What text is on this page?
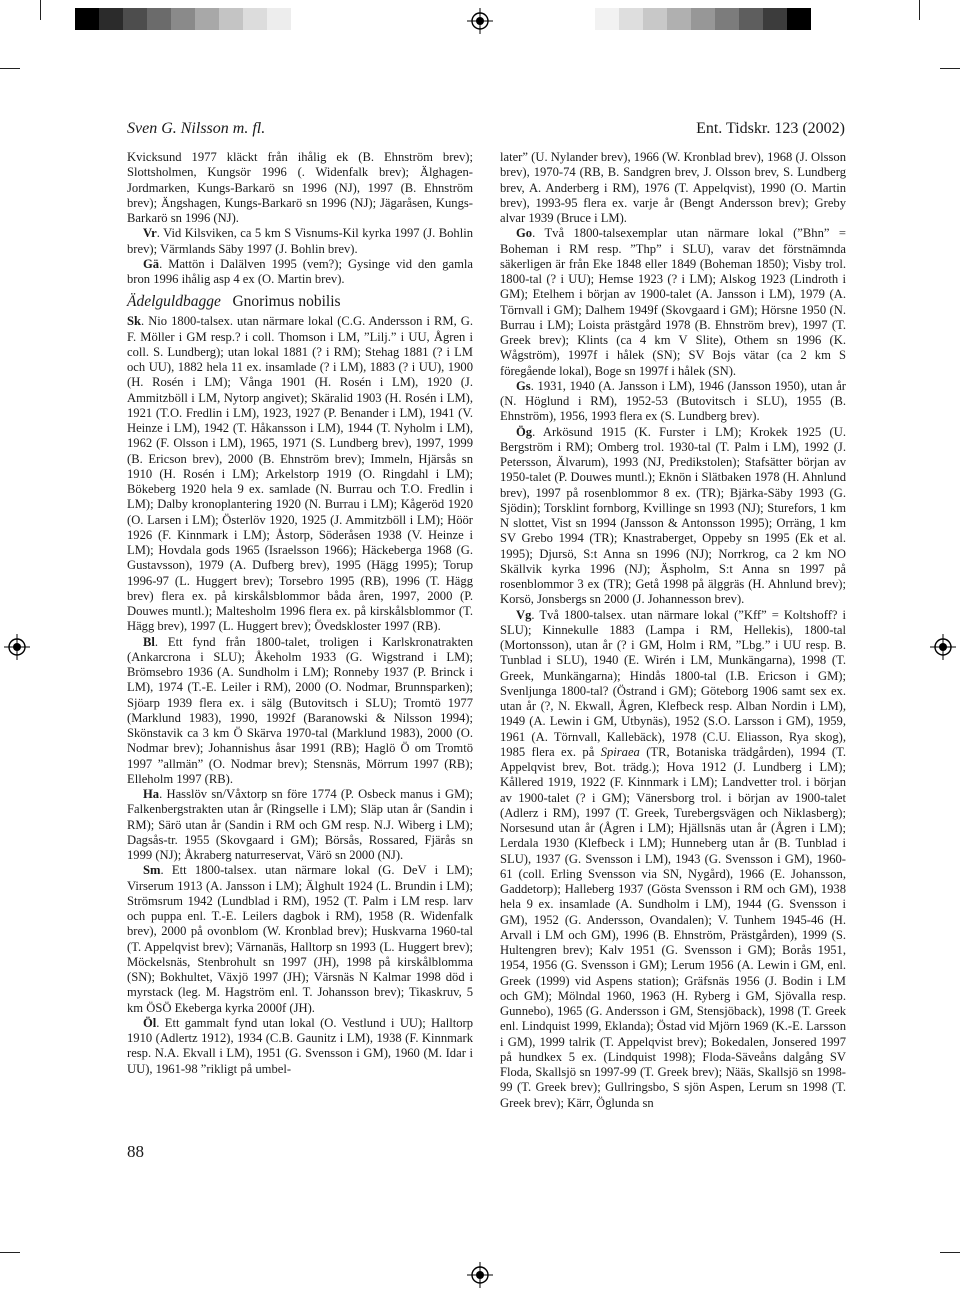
Sven G. Nilsson m. fl.	Ent. Tidskr. 123 (2002)

Kvicksund 1977 kläckt från ihålig ek (B. Ehnström brev); Slottsholmen, Kungsör 1996 (. Widenfalk brev); Älghagen-Jordmarken, Kungs-Barkarö sn 1996 (NJ), 1997 (B. Ehnström brev); Ängshagen, Kungs-Barkarö sn 1996 (NJ); Jägaråsen, Kungs-Barkarö sn 1996 (NJ).

Vr. Vid Kilsviken, ca 5 km S Visnums-Kil kyrka 1997 (J. Bohlin brev); Värmlands Säby 1997 (J. Bohlin brev).

Gä. Mattön i Dalälven 1995 (vem?); Gysinge vid den gamla bron 1996 ihålig asp 4 ex (O. Martin brev).

Ädelguldbagge Gnorimus nobilis

Sk. Nio 1800-talsex. utan närmare lokal (C.G. Andersson i RM, G. F. Möller i GM resp.? i coll. Thomson i LM, ”Lilj.” i UU, Ågren i coll. S. Lundberg); utan lokal 1881 (? i RM); Stehag 1881 (? i LM och UU), 1882 hela 11 ex. insamlade (? i LM), 1883 (? i UU), 1900 (H. Rosén i LM); Vånga 1901 (H. Rosén i LM), 1920 (J. Ammitzböll i LM, Nytorp angivet); Skäralid 1903 (H. Rosén i LM), 1921 (T.O. Fredlin i LM), 1923, 1927 (P. Benander i LM), 1941 (V. Heinze i LM), 1942 (T. Håkansson i LM), 1944 (T. Nyholm i LM), 1962 (F. Olsson i LM), 1965, 1971 (S. Lundberg brev), 1997, 1999 (B. Ericson brev), 2000 (B. Ehnström brev); Immeln, Hjärsås sn 1910 (H. Rosén i LM); Arkelstorp 1919 (O. Ringdahl i LM); Bökeberg 1920 hela 9 ex. samlade (N. Burrau och T.O. Fredlin i LM); Dalby kronoplantering 1920 (N. Burrau i LM); Kågeröd 1920 (O. Larsen i LM); Österlöv 1920, 1925 (J. Ammitzböll i LM); Höör 1926 (F. Kinnmark i LM); Åstorp, Söderåsen 1938 (V. Heinze i LM); Hovdala gods 1965 (Israelsson 1966); Häckeberga 1968 (G. Gustavsson), 1979 (A. Dufberg brev), 1995 (Hägg 1995); Torup 1996-97 (L. Huggert brev); Torsebro 1995 (RB), 1996 (T. Hägg brev) flera ex. på kirskålsblommor båda åren, 1997, 2000 (P. Douwes muntl.); Maltesholm 1996 flera ex. på kirskålsblommor (T. Hägg brev), 1997 (L. Huggert brev); Övedskloster 1997 (RB).

Bl. Ett fynd från 1800-talet, troligen i Karlskronatrakten (Ankarcrona i SLU); Åkeholm 1933 (G. Wigstrand i LM); Brömsebro 1936 (A. Sundholm i LM); Ronneby 1937 (P. Brinck i LM), 1974 (T.-E. Leiler i RM), 2000 (O. Nodmar, Brunnsparken); Sjöarp 1939 flera ex. i sälg (Butovitsch i SLU); Tromtö 1977 (Marklund 1983), 1990, 1992f (Baranowski & Nilsson 1994); Skönstavik ca 3 km Ö Skärva 1970-tal (Marklund 1983), 2000 (O. Nodmar brev); Johannishus åsar 1991 (RB); Haglö Ö om Tromtö 1997 ”allmän” (O. Nodmar brev); Stensnäs, Mörrum 1997 (RB); Elleholm 1997 (RB).

Ha. Hasslöv sn/Våxtorp sn före 1774 (P. Osbeck manus i GM); Falkenbergstrakten utan år (Ringselle i LM); Släp utan år (Sandin i RM); Särö utan år (Sandin i RM och GM resp. N.J. Wiberg i LM); Dagsås-tr. 1955 (Skovgaard i GM); Börsås, Rossared, Fjärås sn 1999 (NJ); Åkraberg naturreservat, Värö sn 2000 (NJ).

Sm. Ett 1800-talsex. utan närmare lokal (G. DeV i LM); Virserum 1913 (A. Jansson i LM); Älghult 1924 (L. Brundin i LM); Strömsrum 1942 (Lundblad i RM), 1952 (T. Palm i LM resp. larv och puppa enl. T.-E. Leilers dagbok i RM), 1958 (R. Widenfalk brev), 2000 på ovonblom (W. Kronblad brev); Huskvarna 1960-tal (T. Appelqvist brev); Värnanäs, Halltorp sn 1993 (L. Huggert brev); Möckelsnäs, Stenbrohult sn 1997 (JH), 1998 på kirskålblomma (SN); Bokhultet, Växjö 1997 (JH); Värsnäs N Kalmar 1998 död i myrstack (leg. M. Hagström enl. T. Johansson brev); Tikaskruv, 5 km ÖSÖ Ekeberga kyrka 2000f (JH).

Öl. Ett gammalt fynd utan lokal (O. Vestlund i UU); Halltorp 1910 (Adlertz 1912), 1934 (C.B. Gaunitz i LM), 1938 (F. Kinnmark resp. N.A. Ekvall i LM), 1951 (G. Svensson i GM), 1960 (M. Idar i UU), 1961-98 ”rikligt på umbel-

later” (U. Nylander brev), 1966 (W. Kronblad brev), 1968 (J. Olsson brev), 1970-74 (RB, B. Sandgren brev, J. Olsson brev, S. Lundberg brev, A. Anderberg i RM), 1976 (T. Appelqvist), 1990 (O. Martin brev), 1993-95 flera ex. varje år (Bengt Andersson brev); Greby alvar 1939 (Bruce i LM).

Go. Två 1800-talsexemplar utan närmare lokal (”Bhn” = Boheman i RM resp. ”Thp” i SLU), varav det förstnämnda säkerligen är från Eke 1848 eller 1849 (Boheman 1850); Visby trol. 1800-tal (? i UU); Hemse 1923 (? i LM); Alskog 1923 (Lindroth i GM); Etelhem i början av 1900-talet (A. Jansson i LM), 1979 (A. Törnvall i GM); Dalhem 1949f (Skovgaard i GM); Hörsne 1950 (N. Burrau i LM); Loista prästgård 1978 (B. Ehnström brev), 1997 (T. Greek brev); Klints (ca 4 km V Slite), Othem sn 1996 (K. Wågström), 1997f i hålek (SN); SV Bojs vätar (ca 2 km S föregående lokal), Boge sn 1997f i hålek (SN).

Gs. 1931, 1940 (A. Jansson i LM), 1946 (Jansson 1950), utan år (N. Höglund i RM), 1952-53 (Butovitsch i SLU), 1955 (B. Ehnström), 1956, 1993 flera ex (S. Lundberg brev).

Ög. Arkösund 1915 (K. Furster i LM); Krokek 1925 (U. Bergström i RM); Omberg trol. 1930-tal (T. Palm i LM), 1992 (J. Petersson, Älvarum), 1993 (NJ, Predikstolen); Stafsätter början av 1950-talet (P. Douwes muntl.); Eknön i Slätbaken 1978 (H. Ahnlund brev), 1997 på rosenblommor 8 ex. (TR); Bjärka-Säby 1993 (G. Sjödin); Torsklint fornborg, Kvillinge sn 1993 (NJ); Sturefors, 1 km N slottet, Vist sn 1994 (Jansson & Antonsson 1995); Orräng, 1 km SV Grebo 1994 (TR); Knastraberget, Oppeby sn 1995 (Ek et al. 1995); Djursö, S:t Anna sn 1996 (NJ); Norrkrog, ca 2 km NO Skällvik kyrka 1996 (NJ); Äspholm, S:t Anna sn 1997 på rosenblommor 3 ex (TR); Getå 1998 på älggräs (H. Ahnlund brev); Korsö, Jonsbergs sn 2000 (J. Johannesson brev).

Vg. Två 1800-talsex. utan närmare lokal (”Kff” = Koltshoff? i SLU); Kinnekulle 1883 (Lampa i RM, Hellekis), 1800-tal (Mortonsson), utan år (? i GM, Holm i RM, ”Lbg.” i UU resp. B. Tunblad i SLU), 1940 (E. Wirén i LM, Munkängarna), 1998 (T. Greek, Munkängarna); Hindås 1800-tal (I.B. Ericson i GM); Svenljunga 1800-tal? (Östrand i GM); Göteborg 1906 samt sex ex. utan år (?, N. Ekwall, Ågren, Klefbeck resp. Alban Nordin i LM), 1949 (A. Lewin i GM, Utbynäs), 1952 (S.O. Larsson i GM), 1959, 1961 (A. Törnvall, Kallebäck), 1978 (C.U. Eliasson, Rya skog), 1985 flera ex. på Spiraea (TR, Botaniska trädgården), 1994 (T. Appelqvist brev, Bot. trädg.); Hova 1912 (J. Lundberg i LM); Kållered 1919, 1922 (F. Kinnmark i LM); Landvetter trol. i början av 1900-talet (? i GM); Vänersborg trol. i början av 1900-talet (Adlerz i RM), 1997 (T. Greek, Turebergsvägen och Niklasberg); Norsesund utan år (Ågren i LM); Hjällsnäs utan år (Ågren i LM); Lerdala 1930 (Klefbeck i LM); Hunneberg utan år (B. Tunblad i SLU), 1937 (G. Svensson i LM), 1943 (G. Svensson i GM), 1960-61 (coll. Erling Svensson via SN, Nygård), 1966 (E. Johansson, Gaddetorp); Halleberg 1937 (Gösta Svensson i RM och GM), 1938 hela 9 ex. insamlade (A. Sundholm i LM), 1944 (G. Svensson i GM), 1952 (G. Andersson, Ovandalen); V. Tunhem 1945-46 (H. Arvall i LM och GM), 1996 (B. Ehnström, Prästgården), 1999 (S. Hultengren brev); Kalv 1951 (G. Svensson i GM); Borås 1951, 1954, 1956 (G. Svensson i GM); Lerum 1956 (A. Lewin i GM, enl. Greek (1999) vid Aspens station); Gräfsnäs 1956 (J. Bodin i LM och GM); Mölndal 1960, 1963 (H. Ryberg i GM, Sjövalla resp. Gunnebo), 1965 (G. Andersson i GM, Stensjöback), 1998 (T. Greek enl. Lindquist 1999, Eklanda); Östad vid Mjörn 1969 (K.-E. Larsson i GM), 1999 talrik (T. Appelqvist brev); Bokedalen, Jonsered 1997 på hundkex 5 ex. (Lindquist 1998); Floda-Säveåns dalgång SV Floda, Skallsjö sn 1997-99 (T. Greek brev); Nääs, Skallsjö sn 1998-99 (T. Greek brev); Gullringsbo, S sjön Aspen, Lerum sn 1998 (T. Greek brev); Kärr, Öglunda sn

88
